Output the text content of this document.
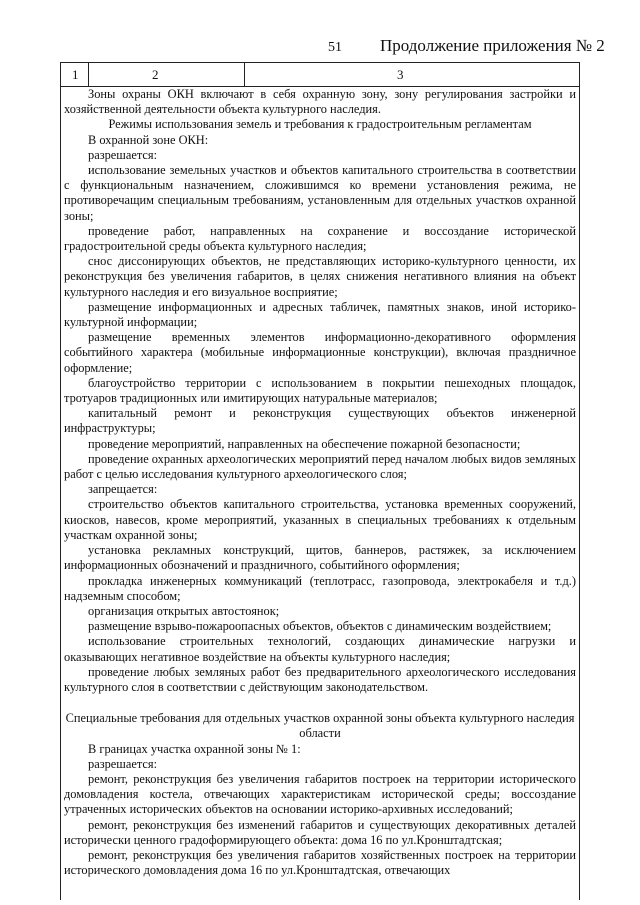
51 Продолжение приложения № 2
1	2	3

Зоны охраны ОКН включают в себя охранную зону, зону регулирования застройки и хозяйственной деятельности объекта культурного наследия.

Режимы использования земель и требования к градостроительным регламентам

В охранной зоне ОКН:

разрешается:

использование земельных участков и объектов капитального строительства в соответствии с функциональным назначением, сложившимся ко времени установления режима, не противоречащим специальным требованиям, установленным для отдельных участков охранной зоны;

проведение работ, направленных на сохранение и воссоздание исторической градостроительной среды объекта культурного наследия;

снос диссонирующих объектов, не представляющих историко-культурного ценности, их реконструкция без увеличения габаритов, в целях снижения негативного влияния на объект культурного наследия и его визуальное восприятие;

размещение информационных и адресных табличек, памятных знаков, иной историко-культурной информации;

размещение временных элементов информационно-декоративного оформления событийного характера (мобильные информационные конструкции), включая праздничное оформление;

благоустройство территории с использованием в покрытии пешеходных площадок, тротуаров традиционных или имитирующих натуральные материалов;

капитальный ремонт и реконструкция существующих объектов инженерной инфраструктуры;

проведение мероприятий, направленных на обеспечение пожарной безопасности;

проведение охранных археологических мероприятий перед началом любых видов земляных работ с целью исследования культурного археологического слоя;

запрещается:

строительство объектов капитального строительства, установка временных сооружений, киосков, навесов, кроме мероприятий, указанных в специальных требованиях к отдельным участкам охранной зоны;

установка рекламных конструкций, щитов, баннеров, растяжек, за исключением информационных обозначений и праздничного, событийного оформления;

прокладка инженерных коммуникаций (теплотрасс, газопровода, электрокабеля и т.д.) надземным способом;

организация открытых автостоянок;

размещение взрыво-пожароопасных объектов, объектов с динамическим воздействием;

использование строительных технологий, создающих динамические нагрузки и оказывающих негативное воздействие на объекты культурного наследия;

проведение любых земляных работ без предварительного археологического исследования культурного слоя в соответствии с действующим законодательством.

Специальные требования для отдельных участков охранной зоны объекта культурного наследия области

В границах участка охранной зоны № 1:

разрешается:

ремонт, реконструкция без увеличения габаритов построек на территории исторического домовладения костела, отвечающих характеристикам исторической среды; воссоздание утраченных исторических объектов на основании историко-архивных исследований;

ремонт, реконструкция без изменений габаритов и существующих декоративных деталей исторически ценного градоформирующего объекта: дома 16 по ул.Кронштадтская;

ремонт, реконструкция без увеличения габаритов хозяйственных построек на территории исторического домовладения дома 16 по ул.Кронштадтская, отвечающих
